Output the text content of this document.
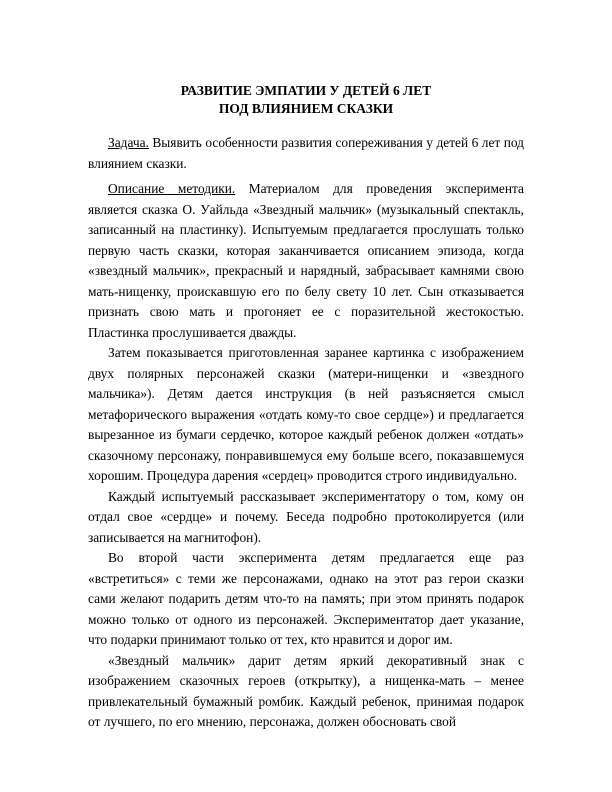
РАЗВИТИЕ ЭМПАТИИ У ДЕТЕЙ 6 ЛЕТ
ПОД ВЛИЯНИЕМ СКАЗКИ

Задача. Выявить особенности развития сопереживания у детей 6 лет под влиянием сказки.

Описание методики. Материалом для проведения эксперимента является сказка О. Уайльда «Звездный мальчик» (музыкальный спектакль, записанный на пластинку). Испытуемым предлагается прослушать только первую часть сказки, которая заканчивается описанием эпизода, когда «звездный мальчик», прекрасный и нарядный, забрасывает камнями свою мать-нищенку, проискавшую его по белу свету 10 лет. Сын отказывается признать свою мать и прогоняет ее с поразительной жестокостью. Пластинка прослушивается дважды.

Затем показывается приготовленная заранее картинка с изображением двух полярных персонажей сказки (матери-нищенки и «звездного мальчика»). Детям дается инструкция (в ней разъясняется смысл метафорического выражения «отдать кому-то свое сердце») и предлагается вырезанное из бумаги сердечко, которое каждый ребенок должен «отдать» сказочному персонажу, понравившемуся ему больше всего, показавшемуся хорошим. Процедура дарения «сердец» проводится строго индивидуально.

Каждый испытуемый рассказывает экспериментатору о том, кому он отдал свое «сердце» и почему. Беседа подробно протоколируется (или записывается на магнитофон).

Во второй части эксперимента детям предлагается еще раз «встретиться» с теми же персонажами, однако на этот раз герои сказки сами желают подарить детям что-то на память; при этом принять подарок можно только от одного из персонажей. Экспериментатор дает указание, что подарки принимают только от тех, кто нравится и дорог им.

«Звездный мальчик» дарит детям яркий декоративный знак с изображением сказочных героев (открытку), а нищенка-мать – менее привлекательный бумажный ромбик. Каждый ребенок, принимая подарок от лучшего, по его мнению, персонажа, должен обосновать свой
